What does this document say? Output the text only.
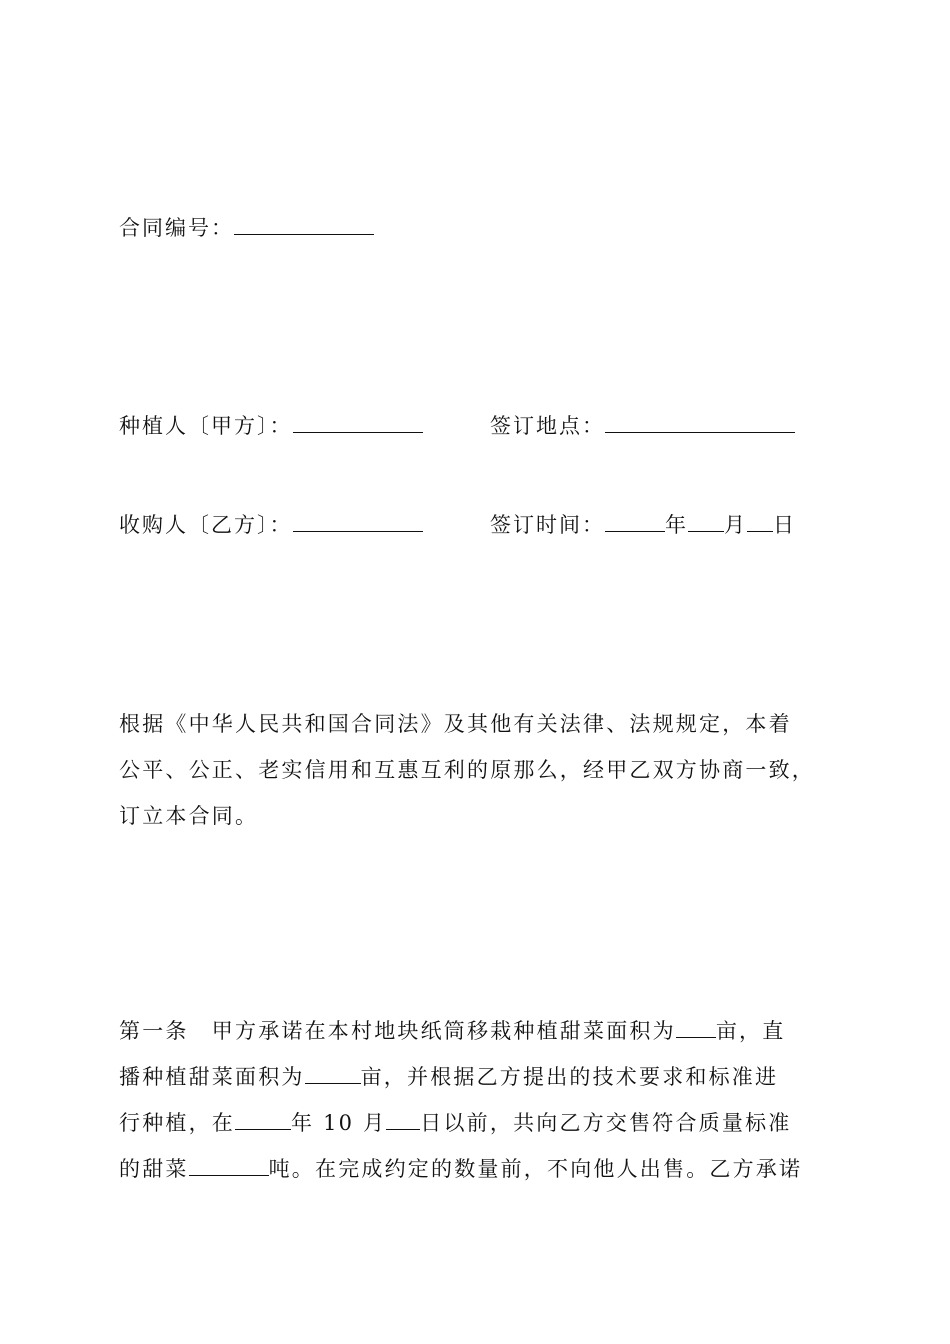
合同编号：
种植人〔甲方〕：	签订地点：
收购人〔乙方〕：	签订时间：	年 月 日
根据《中华人民共和国合同法》及其他有关法律、法规规定，本着
公平、公正、老实信用和互惠互利的原那么，经甲乙双方协商一致，
订立本合同。
第一条　甲方承诺在本村地块纸筒移栽种植甜菜面积为 亩，直
播种植甜菜面积为	亩，并根据乙方提出的技术要求和标准进
行种植，在	年 10 月 日以前，共向乙方交售符合质量标准
的甜菜	吨。在完成约定的数量前，不向他人出售。乙方承诺
